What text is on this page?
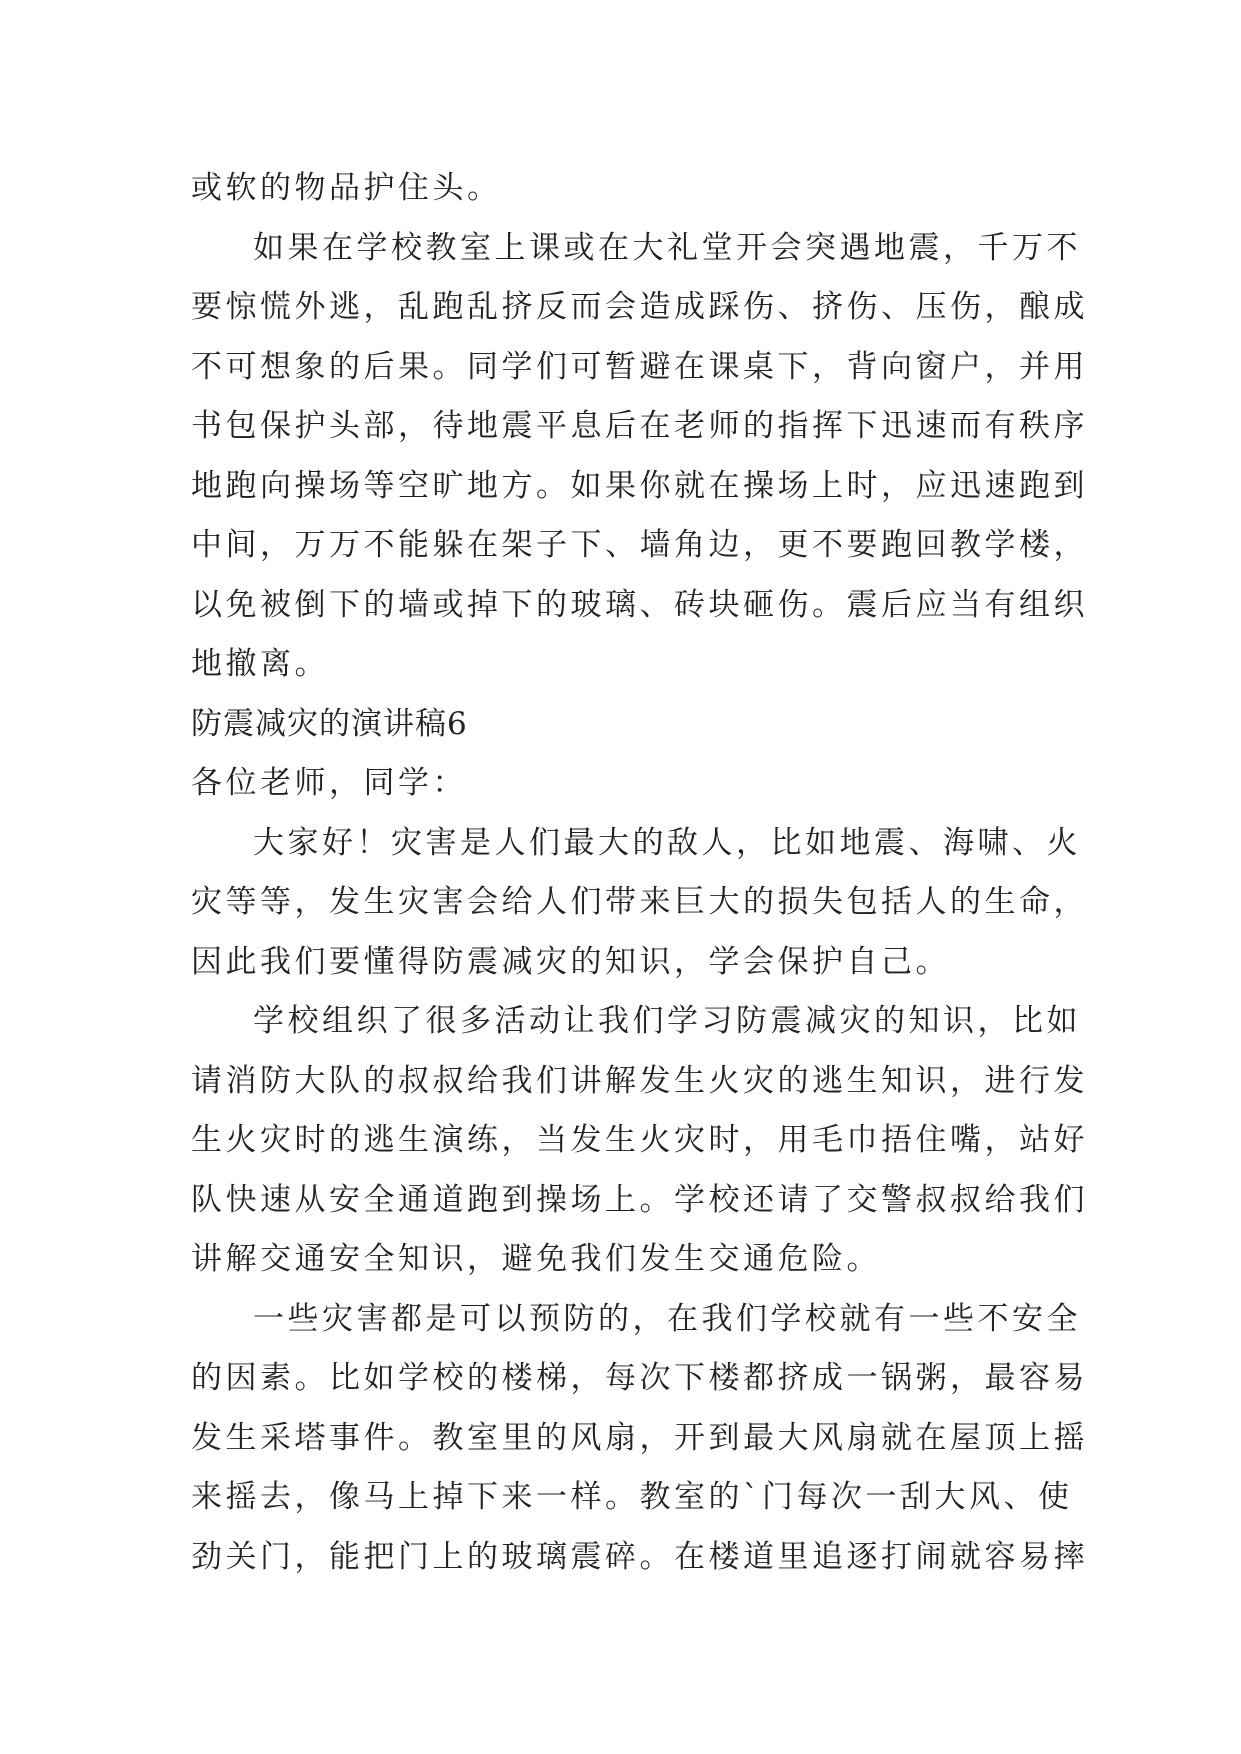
或软的物品护住头。
如果在学校教室上课或在大礼堂开会突遇地震，千万不
要惊慌外逃，乱跑乱挤反而会造成踩伤、挤伤、压伤，酿成
不可想象的后果。同学们可暂避在课桌下，背向窗户，并用
书包保护头部，待地震平息后在老师的指挥下迅速而有秩序
地跑向操场等空旷地方。如果你就在操场上时，应迅速跑到
中间，万万不能躲在架子下、墙角边，更不要跑回教学楼，
以免被倒下的墙或掉下的玻璃、砖块砸伤。震后应当有组织
地撤离。
防震减灾的演讲稿6
各位老师，同学：
大家好！灾害是人们最大的敌人，比如地震、海啸、火
灾等等，发生灾害会给人们带来巨大的损失包括人的生命，
因此我们要懂得防震减灾的知识，学会保护自己。
学校组织了很多活动让我们学习防震减灾的知识，比如
请消防大队的叔叔给我们讲解发生火灾的逃生知识，进行发
生火灾时的逃生演练，当发生火灾时，用毛巾捂住嘴，站好
队快速从安全通道跑到操场上。学校还请了交警叔叔给我们
讲解交通安全知识，避免我们发生交通危险。
一些灾害都是可以预防的，在我们学校就有一些不安全
的因素。比如学校的楼梯，每次下楼都挤成一锅粥，最容易
发生采塔事件。教室里的风扇，开到最大风扇就在屋顶上摇
来摇去，像马上掉下来一样。教室的`门每次一刮大风、使
劲关门，能把门上的玻璃震碎。在楼道里追逐打闹就容易摔
